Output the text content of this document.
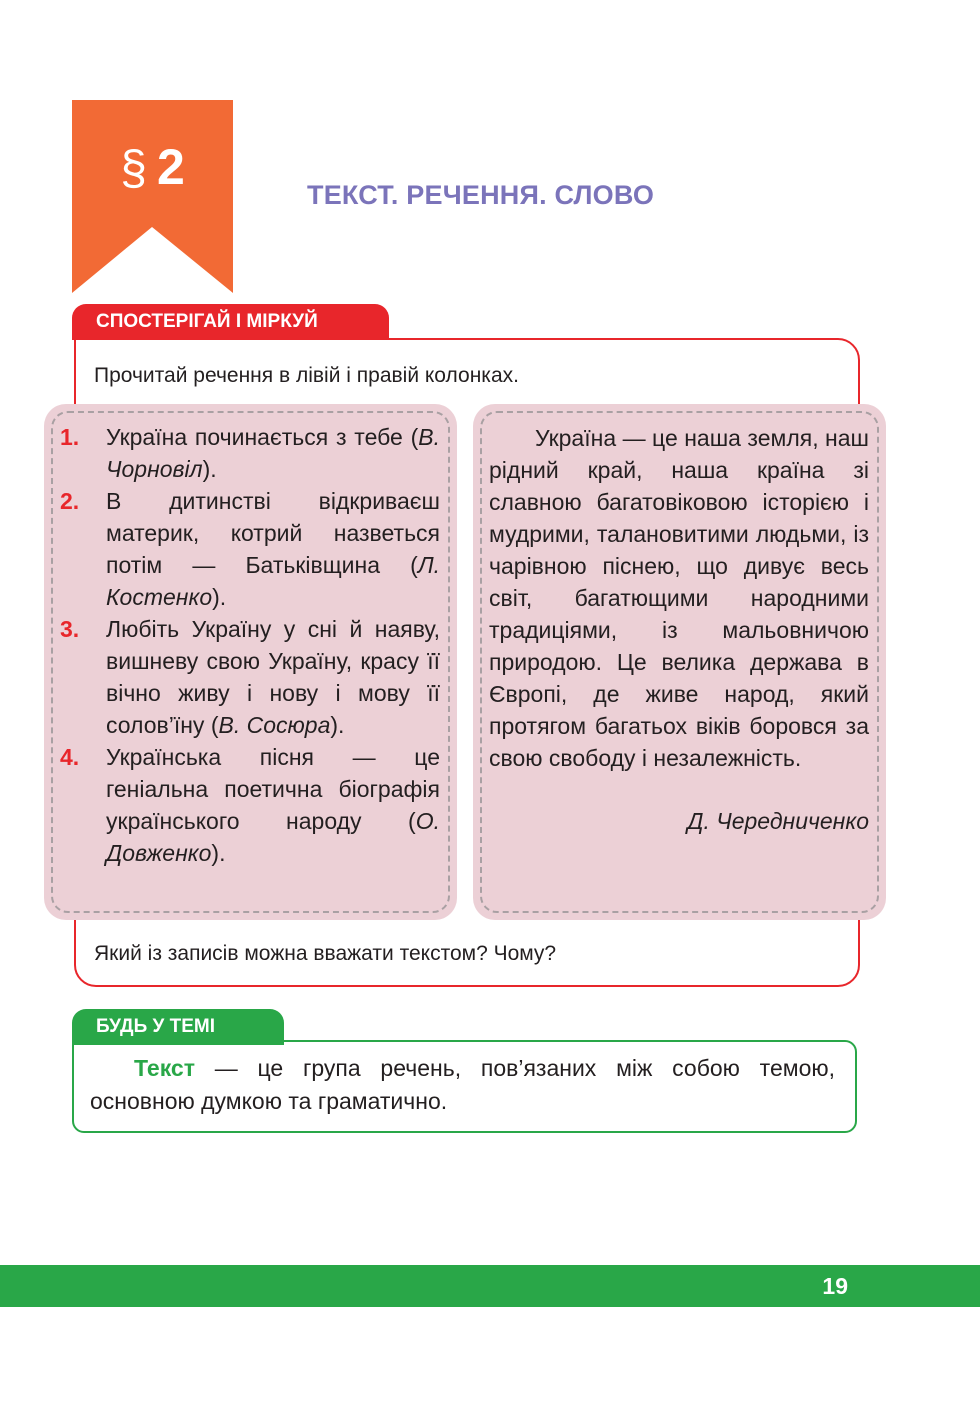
§ 2	ТЕКСТ. РЕЧЕННЯ. СЛОВО
СПОСТЕРІГАЙ І МІРКУЙ
Прочитай речення в лівій і правій колонках.
1. Україна починається з тебе (В. Чорновіл).
2. В дитинстві відкриваєш материк, котрий назветься потім — Батьківщина (Л. Костенко).
3. Любіть Україну у сні й наяву, вишневу свою Україну, красу її вічно живу і нову і мову її солов’їну (В. Сосюра).
4. Українська пісня — це геніальна поетична біографія українського народу (О. Довженко).

Україна — це наша земля, наш рідний край, наша країна зі славною багатовіковою історією і мудрими, талановитими людьми, із чарівною піснею, що дивує весь світ, багатющими народними традиціями, із мальовничою природою. Це велика держава в Європі, де живе народ, який протягом багатьох віків боровся за свою свободу і незалежність.

Д. Чередниченко
Який із записів можна вважати текстом? Чому?
БУДЬ У ТЕМІ

Текст — це група речень, пов’язаних між собою темою, основною думкою та граматично.

19
